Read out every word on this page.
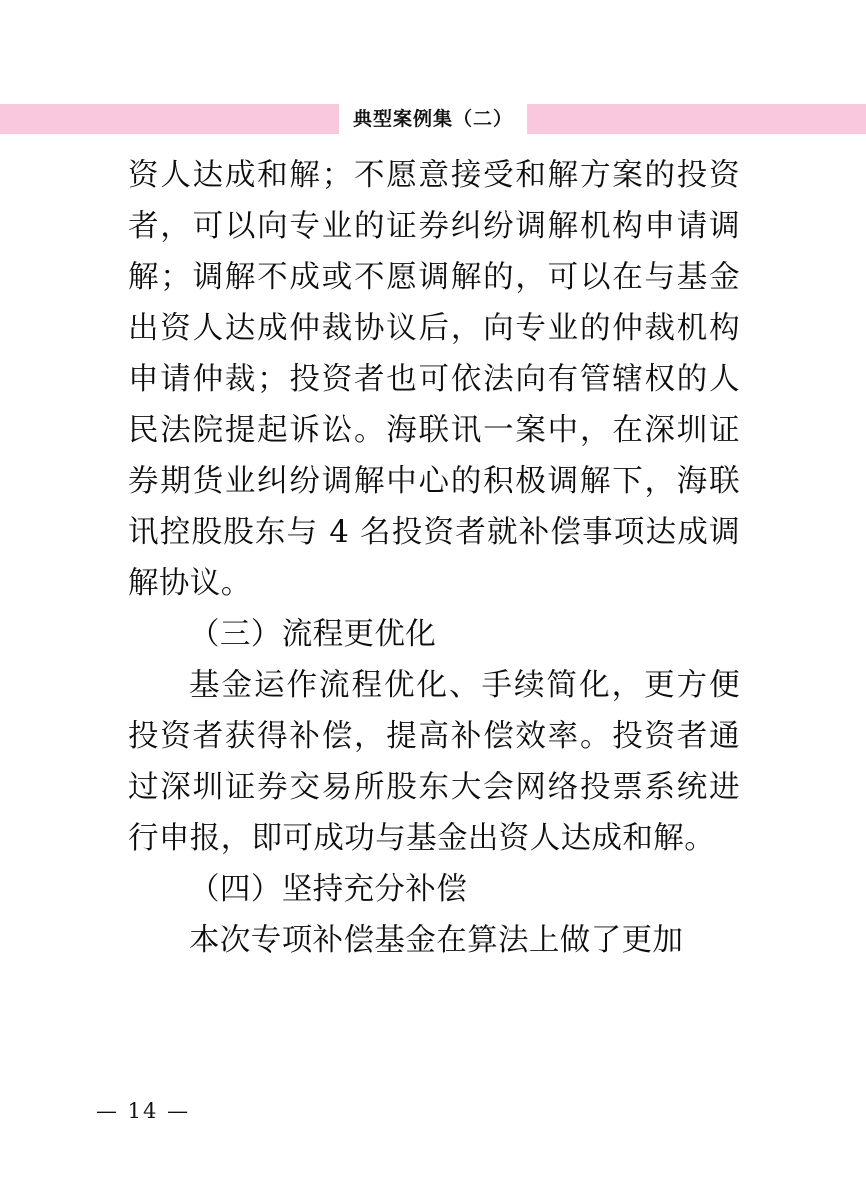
典型案例集（二）

资人达成和解；不愿意接受和解方案的投资者，可以向专业的证券纠纷调解机构申请调解；调解不成或不愿调解的，可以在与基金出资人达成仲裁协议后，向专业的仲裁机构申请仲裁；投资者也可依法向有管辖权的人民法院提起诉讼。海联讯一案中，在深圳证券期货业纠纷调解中心的积极调解下，海联讯控股股东与 4 名投资者就补偿事项达成调解协议。

（三）流程更优化

基金运作流程优化、手续简化，更方便投资者获得补偿，提高补偿效率。投资者通过深圳证券交易所股东大会网络投票系统进行申报，即可成功与基金出资人达成和解。

（四）坚持充分补偿

本次专项补偿基金在算法上做了更加

— 14 —
